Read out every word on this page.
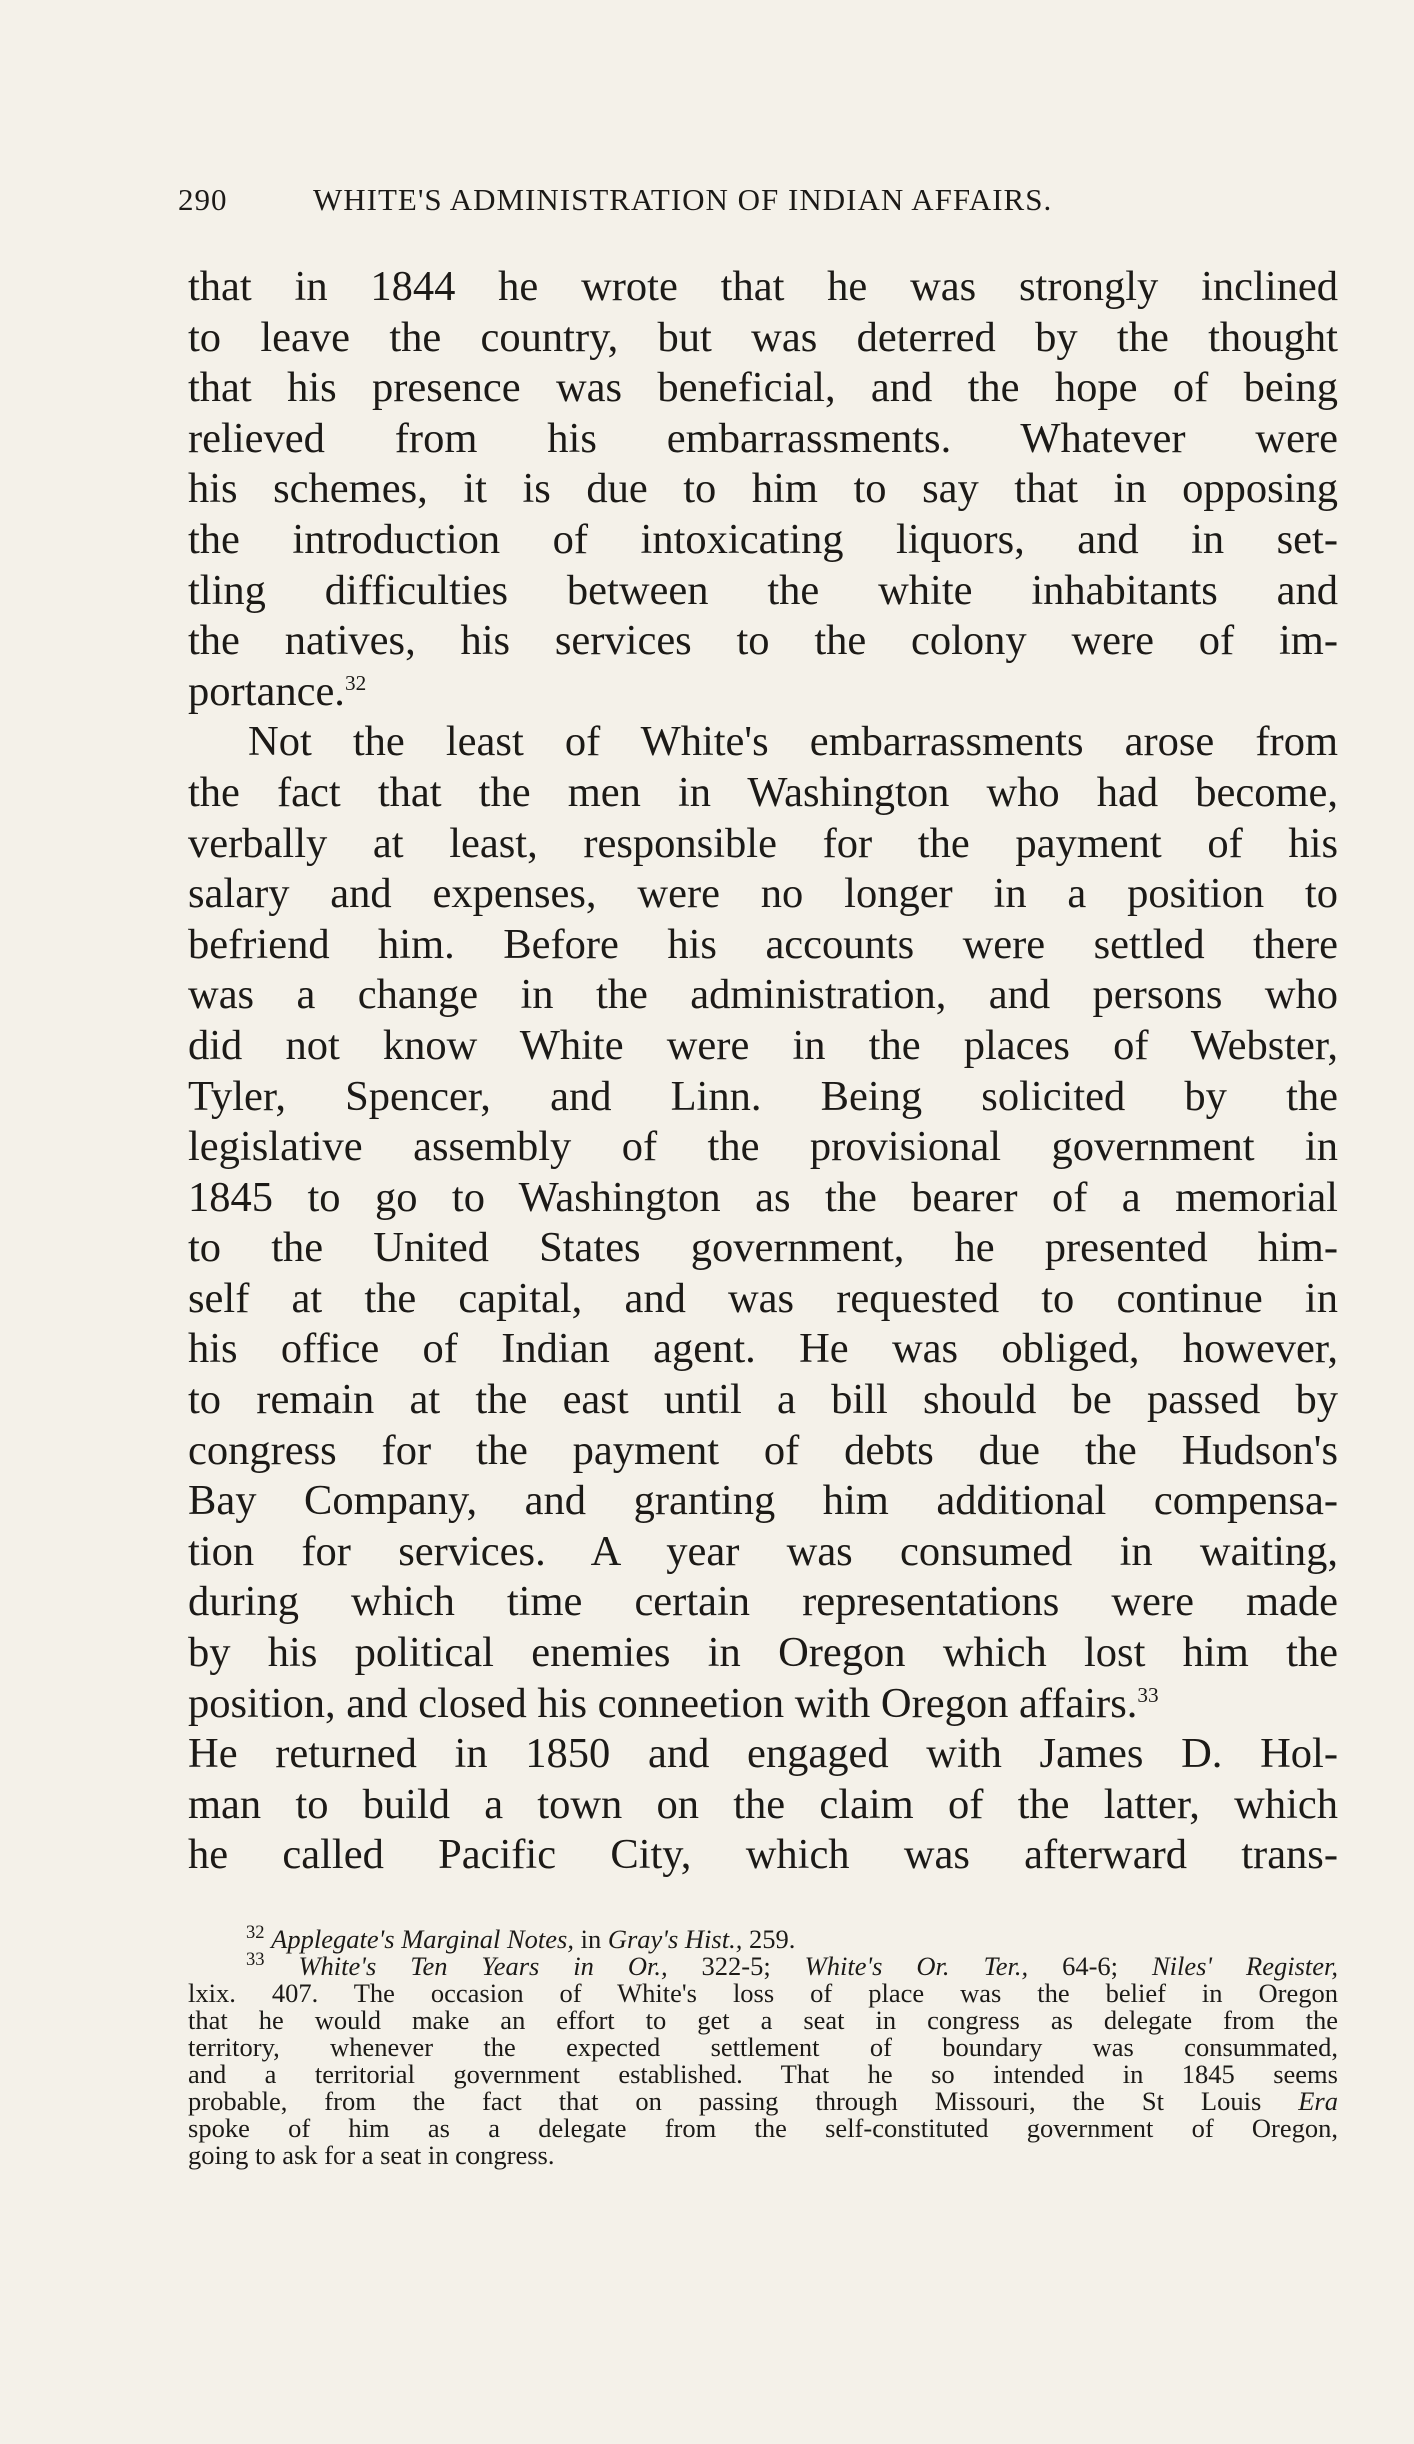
290	WHITE'S ADMINISTRATION OF INDIAN AFFAIRS.
that in 1844 he wrote that he was strongly inclined
to leave the country, but was deterred by the thought
that his presence was beneficial, and the hope of being
relieved from his embarrassments. Whatever were
his schemes, it is due to him to say that in opposing
the introduction of intoxicating liquors, and in set-
tling difficulties between the white inhabitants and
the natives, his services to the colony were of im-
portance.$^{32}$
Not the least of White's embarrassments arose from
the fact that the men in Washington who had become,
verbally at least, responsible for the payment of his
salary and expenses, were no longer in a position to
befriend him. Before his accounts were settled there
was a change in the administration, and persons who
did not know White were in the places of Webster,
Tyler, Spencer, and Linn. Being solicited by the
legislative assembly of the provisional government in
1845 to go to Washington as the bearer of a memorial
to the United States government, he presented him-
self at the capital, and was requested to continue in
his office of Indian agent. He was obliged, however,
to remain at the east until a bill should be passed by
congress for the payment of debts due the Hudson's
Bay Company, and granting him additional compensa-
tion for services. A year was consumed in waiting,
during which time certain representations were made
by his political enemies in Oregon which lost him the
position, and closed his conneetion with Oregon affairs.$^{33}$
He returned in 1850 and engaged with James D. Hol-
man to build a town on the claim of the latter, which
he called Pacific City, which was afterward trans-
$^{32}$ Applegate's Marginal Notes, in Gray's Hist., 259.
$^{33}$ White's Ten Years in Or., 322-5; White's Or. Ter., 64-6; Niles' Register,
lxix. 407. The occasion of White's loss of place was the belief in Oregon
that he would make an effort to get a seat in congress as delegate from the
territory, whenever the expected settlement of boundary was consummated,
and a territorial government established. That he so intended in 1845 seems
probable, from the fact that on passing through Missouri, the St Louis Era
spoke of him as a delegate from the self-constituted government of Oregon,
going to ask for a seat in congress.
